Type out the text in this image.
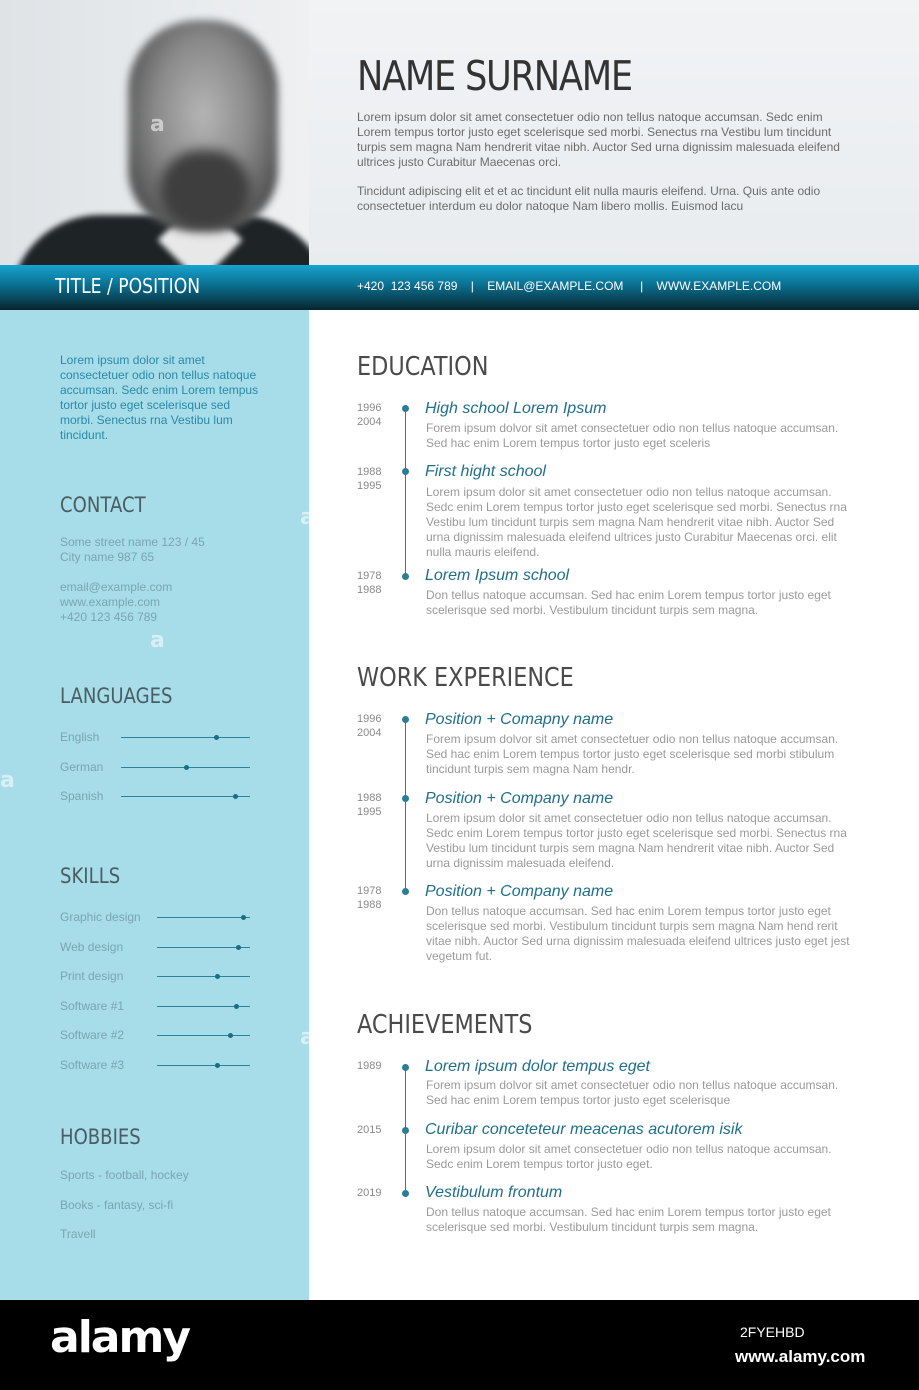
NAME SURNAME

Lorem ipsum dolor sit amet consectetuer odio non tellus natoque accumsan. Sedc enim Lorem tempus tortor justo eget scelerisque sed morbi. Senectus rna Vestibu lum tincidunt turpis sem magna Nam hendrerit vitae nibh. Auctor Sed urna dignissim malesuada eleifend ultrices justo Curabitur Maecenas orci.

Tincidunt adipiscing elit et et ac tincidunt elit nulla mauris eleifend. Urna. Quis ante odio consectetuer interdum eu dolor natoque Nam libero mollis. Euismod lacu

TITLE / POSITION	+420  123 456 789    |    EMAIL@EXAMPLE.COM     |    WWW.EXAMPLE.COM

Lorem ipsum dolor sit amet consectetuer odio non tellus natoque accumsan. Sedc enim Lorem tempus tortor justo eget scelerisque sed morbi. Senectus rna Vestibu lum tincidunt.

CONTACT
Some street name 123 / 45
City name 987 65
email@example.com
www.example.com
+420 123 456 789
LANGUAGES
English
German
Spanish
SKILLS
Graphic design
Web design
Print design
Software #1
Software #2
Software #3
HOBBIES
Sports - football, hockey
Books - fantasy, sci-fi
Travell
EDUCATION
1996
2004
High school Lorem Ipsum

Forem ipsum dolvor sit amet consectetuer odio non tellus natoque accumsan. Sed hac enim Lorem tempus tortor justo eget sceleris

1988
1995
First hight school

Lorem ipsum dolor sit amet consectetuer odio non tellus natoque accumsan. Sedc enim Lorem tempus tortor justo eget scelerisque sed morbi. Senectus rna Vestibu lum tincidunt turpis sem magna Nam hendrerit vitae nibh. Auctor Sed urna dignissim malesuada eleifend ultrices justo Curabitur Maecenas orci. elit nulla mauris eleifend.

1978
1988
Lorem Ipsum school

Don tellus natoque accumsan. Sed hac enim Lorem tempus tortor justo eget scelerisque sed morbi. Vestibulum tincidunt turpis sem magna.

WORK EXPERIENCE
1996
2004
Position + Comapny name

Forem ipsum dolvor sit amet consectetuer odio non tellus natoque accumsan. Sed hac enim Lorem tempus tortor justo eget scelerisque sed morbi stibulum tincidunt turpis sem magna Nam hendr.

1988
1995
Position + Company name

Lorem ipsum dolor sit amet consectetuer odio non tellus natoque accumsan. Sedc enim Lorem tempus tortor justo eget scelerisque sed morbi. Senectus rna Vestibu lum tincidunt turpis sem magna Nam hendrerit vitae nibh. Auctor Sed urna dignissim malesuada eleifend.

1978
1988
Position + Company name

Don tellus natoque accumsan. Sed hac enim Lorem tempus tortor justo eget scelerisque sed morbi. Vestibulum tincidunt turpis sem magna Nam hend rerit vitae nibh. Auctor Sed urna dignissim malesuada eleifend ultrices justo eget jest vegetum fut.

ACHIEVEMENTS
1989	Lorem ipsum dolor tempus eget

Forem ipsum dolvor sit amet consectetuer odio non tellus natoque accumsan. Sed hac enim Lorem tempus tortor justo eget scelerisque

2015	Curibar conceteteur meacenas acutorem isik

Lorem ipsum dolor sit amet consectetuer odio non tellus natoque accumsan. Sedc enim Lorem tempus tortor justo eget.

2019	Vestibulum frontum

Don tellus natoque accumsan. Sed hac enim Lorem tempus tortor justo eget scelerisque sed morbi. Vestibulum tincidunt turpis sem magna.

a
a
a
a
a
alamy	2FYEHBD
www.alamy.com
